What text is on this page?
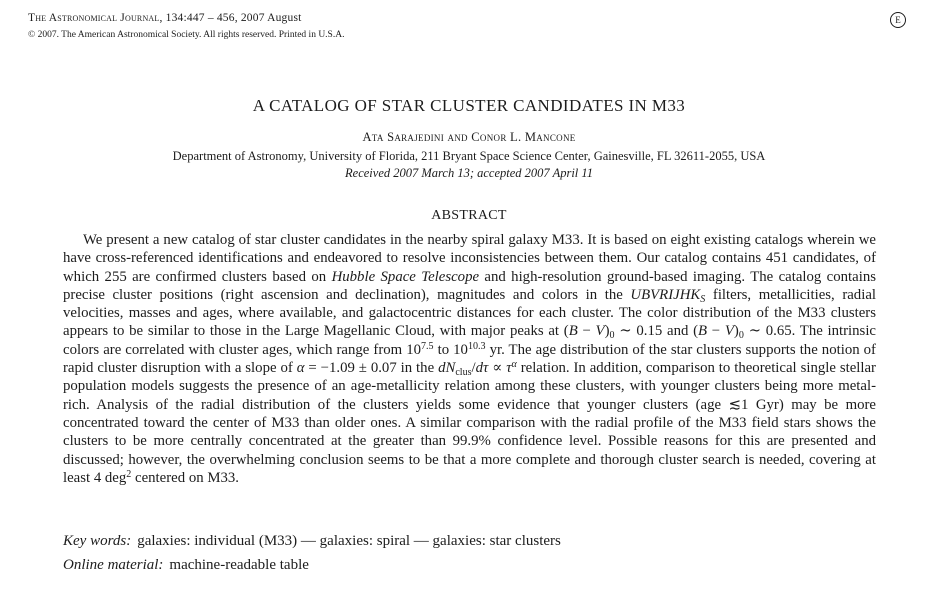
The Astronomical Journal, 134:447 – 456, 2007 August
© 2007. The American Astronomical Society. All rights reserved. Printed in U.S.A.
E
A CATALOG OF STAR CLUSTER CANDIDATES IN M33
Ata Sarajedini and Conor L. Mancone
Department of Astronomy, University of Florida, 211 Bryant Space Science Center, Gainesville, FL 32611-2055, USA
Received 2007 March 13; accepted 2007 April 11
ABSTRACT
We present a new catalog of star cluster candidates in the nearby spiral galaxy M33. It is based on eight existing catalogs wherein we have cross-referenced identifications and endeavored to resolve inconsistencies between them. Our catalog contains 451 candidates, of which 255 are confirmed clusters based on Hubble Space Telescope and high-resolution ground-based imaging. The catalog contains precise cluster positions (right ascension and declination), magnitudes and colors in the UBVRIJHKS filters, metallicities, radial velocities, masses and ages, where available, and galactocentric distances for each cluster. The color distribution of the M33 clusters appears to be similar to those in the Large Magellanic Cloud, with major peaks at (B − V)0 ∼ 0.15 and (B − V)0 ∼ 0.65. The intrinsic colors are correlated with cluster ages, which range from $10^{7.5}$ to $10^{10.3}$ yr. The age distribution of the star clusters supports the notion of rapid cluster disruption with a slope of α = −1.09 ± 0.07 in the dNclus/dτ ∝ $\tau^\alpha$ relation. In addition, comparison to theoretical single stellar population models suggests the presence of an age-metallicity relation among these clusters, with younger clusters being more metal-rich. Analysis of the radial distribution of the clusters yields some evidence that younger clusters (age ≲1 Gyr) may be more concentrated toward the center of M33 than older ones. A similar comparison with the radial profile of the M33 field stars shows the clusters to be more centrally concentrated at the greater than 99.9% confidence level. Possible reasons for this are presented and discussed; however, the overwhelming conclusion seems to be that a more complete and thorough cluster search is needed, covering at least 4 deg$^2$ centered on M33.
Key words: galaxies: individual (M33) — galaxies: spiral — galaxies: star clusters
Online material: machine-readable table
